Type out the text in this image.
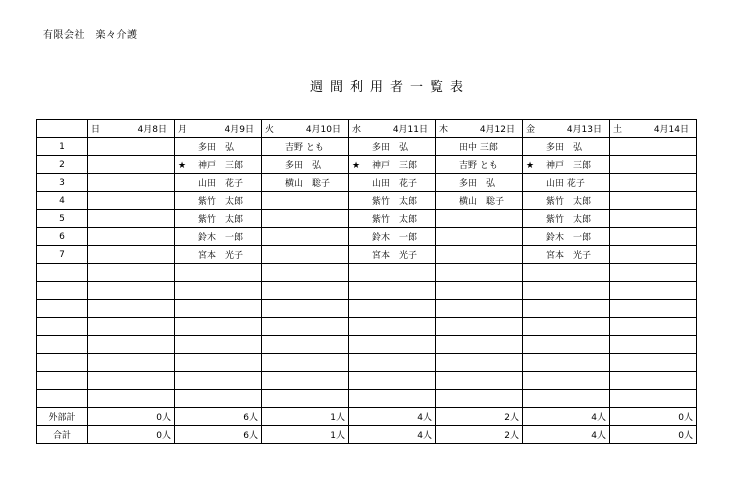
有限会社　楽々介護
週間利用者一覧表
	日 4月8日	月 4月9日	火 4月10日	水 4月11日	木 4月12日	金 4月13日	土 4月14日

1		多田　弘	吉野 とも	多田　弘	田中 三郎	多田　弘	
2		★ 神戸　三郎	多田　弘	★ 神戸　三郎	吉野 とも	★ 神戸　三郎	
3		山田　花子	横山　聡子	山田　花子	多田　弘	山田 花子	
4		紫竹　太郎		紫竹　太郎	横山　聡子	紫竹　太郎	
5		紫竹　太郎		紫竹　太郎		紫竹　太郎	
6		鈴木　一郎		鈴木　一郎		鈴木　一郎	
7		宮本　光子		宮本　光子		宮本　光子	

外部計	0人	6人	1人	4人	2人	4人	0人
合計	0人	6人	1人	4人	2人	4人	0人
